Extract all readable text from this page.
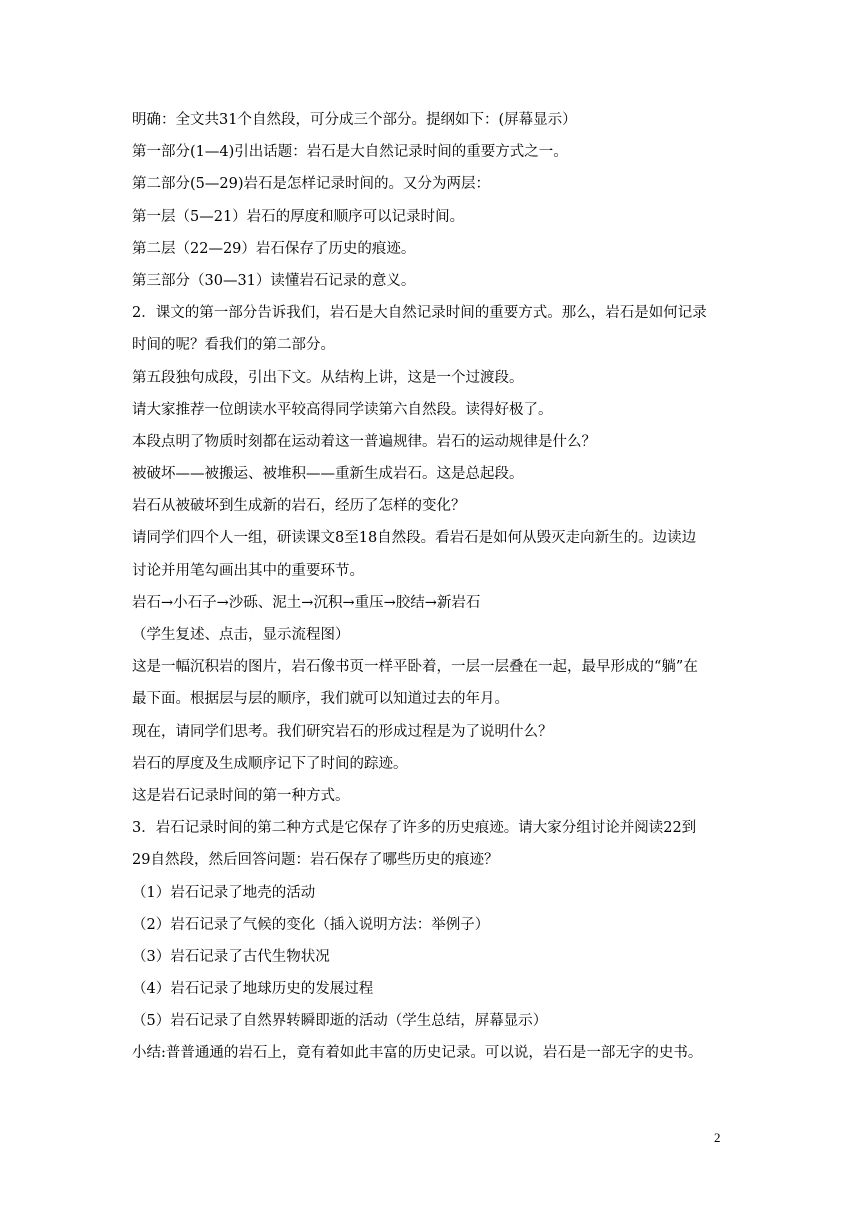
明确：全文共31个自然段，可分成三个部分。提纲如下：(屏幕显示）
第一部分(1—4)引出话题：岩石是大自然记录时间的重要方式之一。
第二部分(5—29)岩石是怎样记录时间的。又分为两层：
第一层（5—21）岩石的厚度和顺序可以记录时间。
第二层（22—29）岩石保存了历史的痕迹。
第三部分（30—31）读懂岩石记录的意义。
2．课文的第一部分告诉我们，岩石是大自然记录时间的重要方式。那么，岩石是如何记录
时间的呢？看我们的第二部分。
第五段独句成段，引出下文。从结构上讲，这是一个过渡段。
请大家推荐一位朗读水平较高得同学读第六自然段。读得好极了。
本段点明了物质时刻都在运动着这一普遍规律。岩石的运动规律是什么？
被破坏——被搬运、被堆积——重新生成岩石。这是总起段。
岩石从被破坏到生成新的岩石，经历了怎样的变化？
请同学们四个人一组，研读课文8至18自然段。看岩石是如何从毁灭走向新生的。边读边
讨论并用笔勾画出其中的重要环节。
岩石→小石子→沙砾、泥土→沉积→重压→胶结→新岩石
（学生复述、点击，显示流程图）
这是一幅沉积岩的图片，岩石像书页一样平卧着，一层一层叠在一起，最早形成的“躺”在
最下面。根据层与层的顺序，我们就可以知道过去的年月。
现在，请同学们思考。我们研究岩石的形成过程是为了说明什么？
岩石的厚度及生成顺序记下了时间的踪迹。
这是岩石记录时间的第一种方式。
3．岩石记录时间的第二种方式是它保存了许多的历史痕迹。请大家分组讨论并阅读22到
29自然段，然后回答问题：岩石保存了哪些历史的痕迹？
（1）岩石记录了地壳的活动
（2）岩石记录了气候的变化（插入说明方法：举例子）
（3）岩石记录了古代生物状况
（4）岩石记录了地球历史的发展过程
（5）岩石记录了自然界转瞬即逝的活动（学生总结，屏幕显示）
小结:普普通通的岩石上，竟有着如此丰富的历史记录。可以说，岩石是一部无字的史书。
2
